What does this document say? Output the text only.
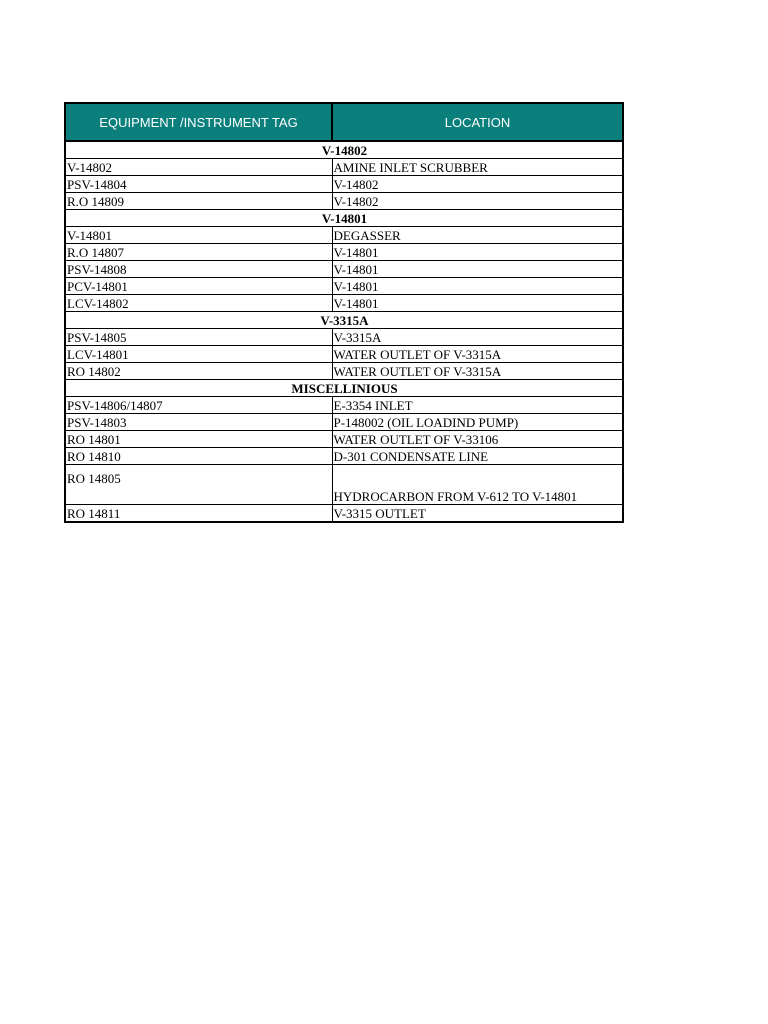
EQUIPMENT /INSTRUMENT TAG	LOCATION
V-14802	
V-14802	AMINE INLET SCRUBBER
PSV-14804	V-14802
R.O 14809	V-14802
V-14801	
V-14801	DEGASSER
R.O 14807	V-14801
PSV-14808	V-14801
PCV-14801	V-14801
LCV-14802	V-14801
V-3315A	
PSV-14805	V-3315A
LCV-14801	WATER OUTLET OF V-3315A
RO 14802	WATER OUTLET OF V-3315A
MISCELLINIOUS	
PSV-14806/14807	E-3354 INLET
PSV-14803	P-148002 (OIL LOADIND PUMP)
RO 14801	WATER OUTLET OF V-33106
RO 14810	D-301 CONDENSATE LINE
RO 14805	HYDROCARBON FROM V-612 TO V-14801
RO 14811	V-3315 OUTLET
